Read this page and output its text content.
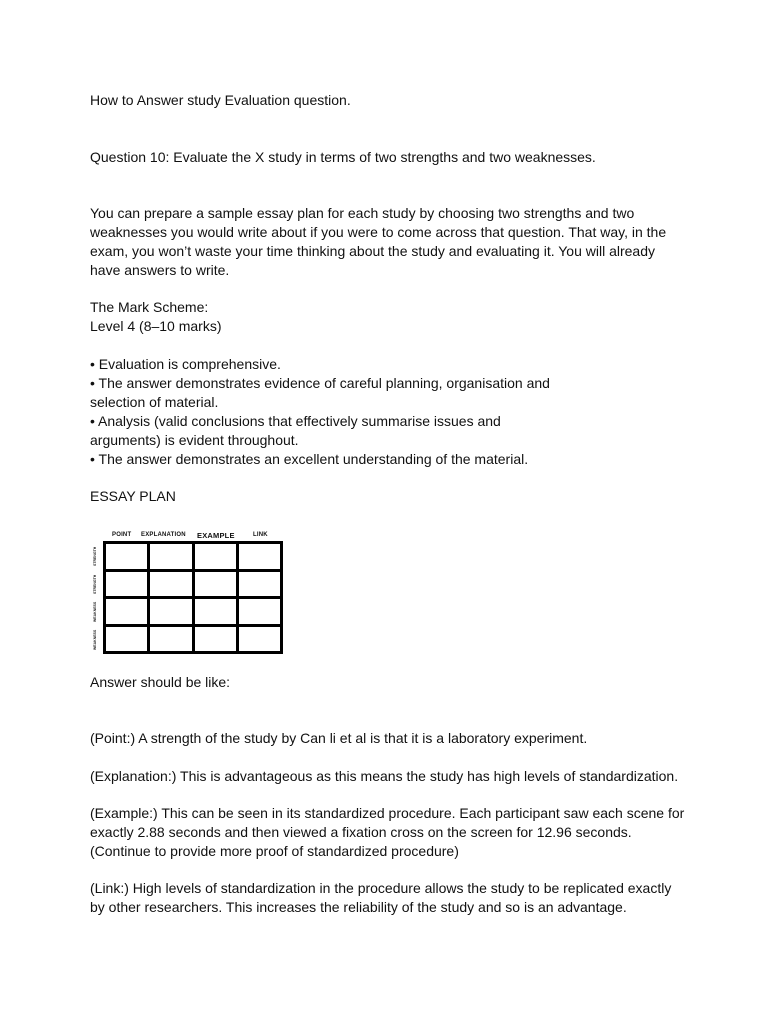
How to Answer study Evaluation question.

Question 10: Evaluate the X study in terms of two strengths and two weaknesses.

You can prepare a sample essay plan for each study by choosing two strengths and two

weaknesses you would write about if you were to come across that question. That way, in the

exam, you won’t waste your time thinking about the study and evaluating it. You will already

have answers to write.

The Mark Scheme:

Level 4 (8–10 marks)

• Evaluation is comprehensive.

• The answer demonstrates evidence of careful planning, organisation and

selection of material.

• Analysis (valid conclusions that effectively summarise issues and

arguments) is evident throughout.

• The answer demonstrates an excellent understanding of the material.

ESSAY PLAN

POINT EXPLANATION EXAMPLE	LINK
STRENGTH
STRENGTH
WEAKNESS
WEAKNESS

Answer should be like:

(Point:) A strength of the study by Can li et al is that it is a laboratory experiment.

(Explanation:) This is advantageous as this means the study has high levels of standardization.

(Example:) This can be seen in its standardized procedure. Each participant saw each scene for

exactly 2.88 seconds and then viewed a fixation cross on the screen for 12.96 seconds.

(Continue to provide more proof of standardized procedure)

(Link:) High levels of standardization in the procedure allows the study to be replicated exactly

by other researchers. This increases the reliability of the study and so is an advantage.
